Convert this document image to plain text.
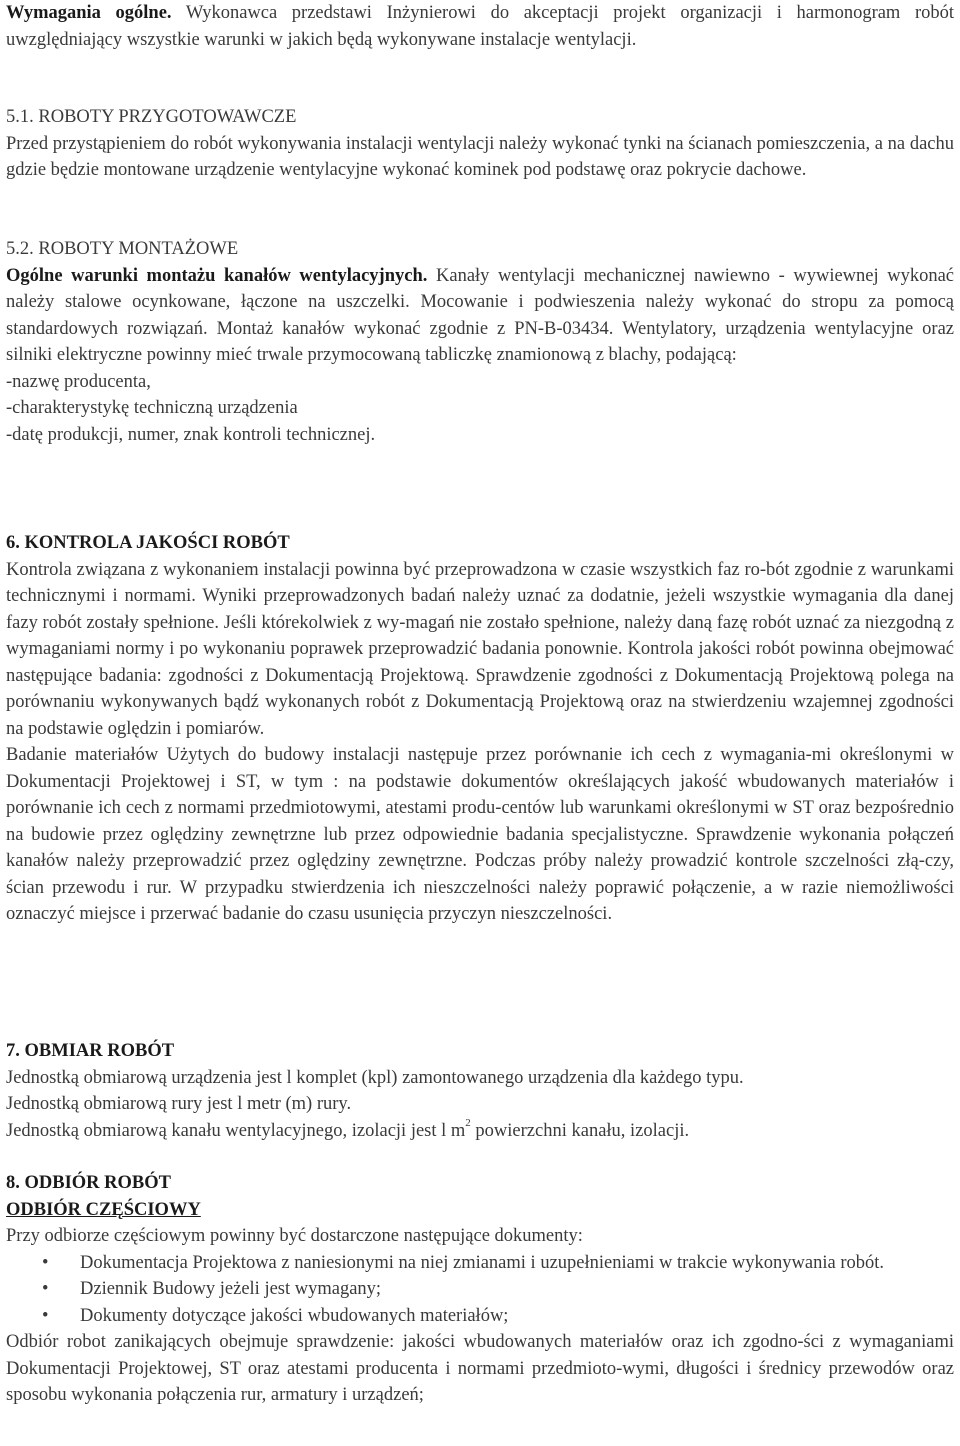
Wymagania ogólne. Wykonawca przedstawi Inżynierowi do akceptacji projekt organizacji i harmonogram robót uwzględniający wszystkie warunki w jakich będą wykonywane instalacje wentylacji.

5.1. ROBOTY PRZYGOTOWAWCZE
Przed przystąpieniem do robót wykonywania instalacji wentylacji należy wykonać tynki na ścianach pomieszczenia, a na dachu gdzie będzie montowane urządzenie wentylacyjne wykonać kominek pod podstawę oraz pokrycie dachowe.
5.2. ROBOTY MONTAŻOWE
Ogólne warunki montażu kanałów wentylacyjnych. Kanały wentylacji mechanicznej nawiewno - wywiewnej wykonać należy stalowe ocynkowane, łączone na uszczelki. Mocowanie i podwieszenia należy wykonać do stropu za pomocą standardowych rozwiązań. Montaż kanałów wykonać zgodnie z PN-B-03434. Wentylatory, urządzenia wentylacyjne oraz silniki elektryczne powinny mieć trwale przymocowaną tabliczkę znamionową z blachy, podającą:
-nazwę producenta,
-charakterystykę techniczną urządzenia
-datę produkcji, numer, znak kontroli technicznej.
6. KONTROLA JAKOŚCI ROBÓT
Kontrola związana z wykonaniem instalacji powinna być przeprowadzona w czasie wszystkich faz ro-bót zgodnie z warunkami technicznymi i normami. Wyniki przeprowadzonych badań należy uznać za dodatnie, jeżeli wszystkie wymagania dla danej fazy robót zostały spełnione. Jeśli którekolwiek z wy-magań nie zostało spełnione, należy daną fazę robót uznać za niezgodną z wymaganiami normy i po wykonaniu poprawek przeprowadzić badania ponownie. Kontrola jakości robót powinna obejmować następujące badania: zgodności z Dokumentacją Projektową. Sprawdzenie zgodności z Dokumentacją Projektową polega na porównaniu wykonywanych bądź wykonanych robót z Dokumentacją Projektową oraz na stwierdzeniu wzajemnej zgodności na podstawie oględzin i pomiarów.
Badanie materiałów Użytych do budowy instalacji następuje przez porównanie ich cech z wymagania-mi określonymi w Dokumentacji Projektowej i ST, w tym : na podstawie dokumentów określających jakość wbudowanych materiałów i porównanie ich cech z normami przedmiotowymi, atestami produ-centów lub warunkami określonymi w ST oraz bezpośrednio na budowie przez oględziny zewnętrzne lub przez odpowiednie badania specjalistyczne. Sprawdzenie wykonania połączeń kanałów należy przeprowadzić przez oględziny zewnętrzne. Podczas próby należy prowadzić kontrole szczelności złą-czy, ścian przewodu i rur. W przypadku stwierdzenia ich nieszczelności należy poprawić połączenie, a w razie niemożliwości oznaczyć miejsce i przerwać badanie do czasu usunięcia przyczyn nieszczelności.
7. OBMIAR ROBÓT
Jednostką obmiarową urządzenia jest l komplet (kpl) zamontowanego urządzenia dla każdego typu.
Jednostką obmiarową rury jest l metr (m) rury.
Jednostką obmiarową kanału wentylacyjnego, izolacji jest l $m^2$ powierzchni kanału, izolacji.
8. ODBIÓR ROBÓT
ODBIÓR CZĘŚCIOWY
Przy odbiorze częściowym powinny być dostarczone następujące dokumenty:
• Dokumentacja Projektowa z naniesionymi na niej zmianami i uzupełnieniami w trakcie wykonywania robót.
• Dziennik Budowy jeżeli jest wymagany;
• Dokumenty dotyczące jakości wbudowanych materiałów;
Odbiór robot zanikających obejmuje sprawdzenie: jakości wbudowanych materiałów oraz ich zgodno-ści z wymaganiami Dokumentacji Projektowej, ST oraz atestami producenta i normami przedmioto-wymi, długości i średnicy przewodów oraz sposobu wykonania połączenia rur, armatury i urządzeń;
